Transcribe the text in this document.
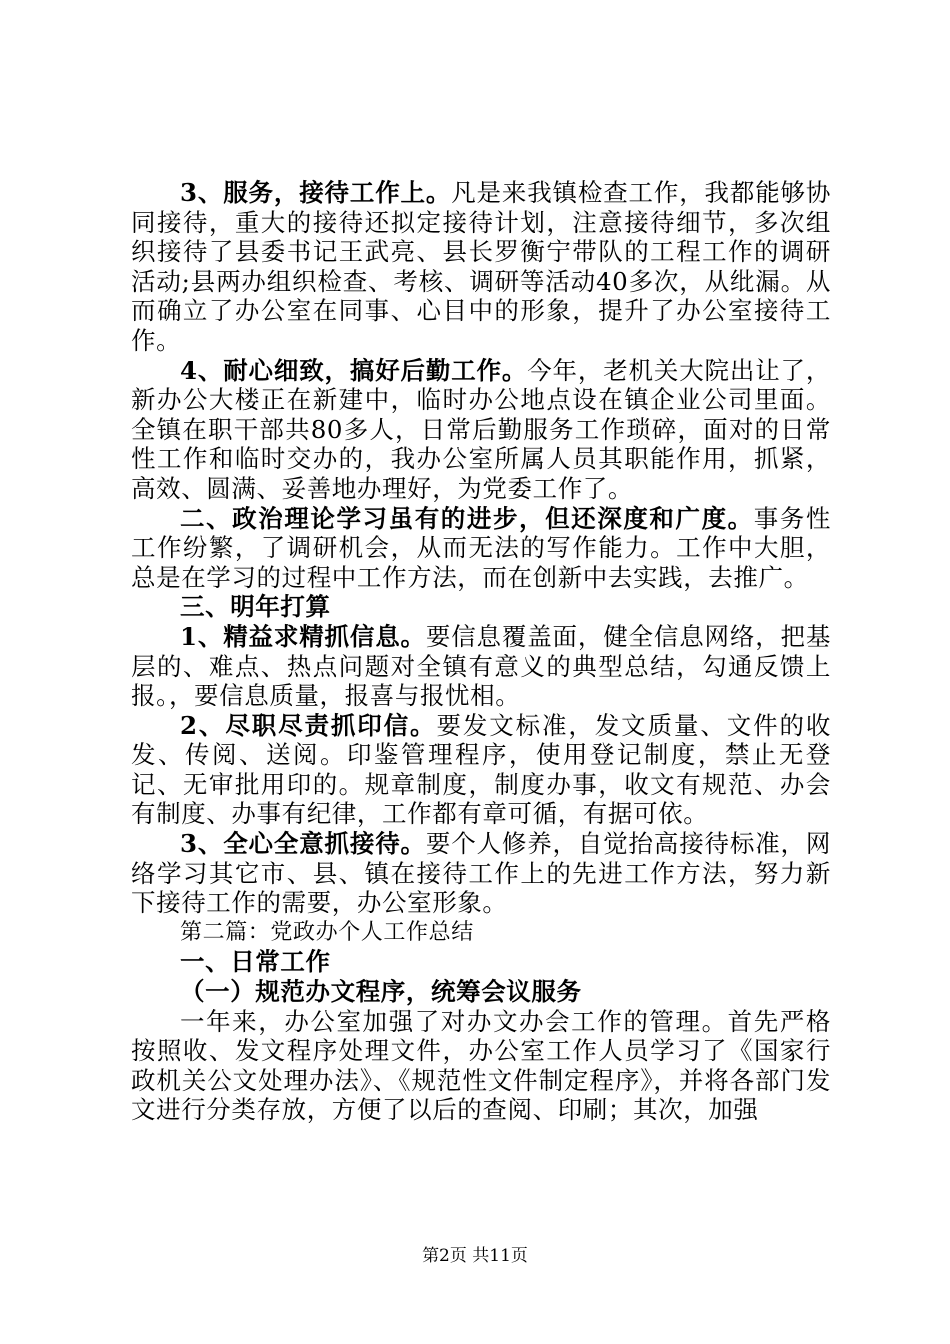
3、服务，接待工作上。凡是来我镇检查工作，我都能够协同接待，重大的接待还拟定接待计划，注意接待细节，多次组织接待了县委书记王武亮、县长罗衡宁带队的工程工作的调研活动;县两办组织检查、考核、调研等活动40多次，从纰漏。从而确立了办公室在同事、心目中的形象，提升了办公室接待工作。

4、耐心细致，搞好后勤工作。今年，老机关大院出让了，新办公大楼正在新建中，临时办公地点设在镇企业公司里面。全镇在职干部共80多人，日常后勤服务工作琐碎，面对的日常性工作和临时交办的，我办公室所属人员其职能作用，抓紧，高效、圆满、妥善地办理好，为党委工作了。

二、政治理论学习虽有的进步，但还深度和广度。事务性工作纷繁，了调研机会，从而无法的写作能力。工作中大胆，总是在学习的过程中工作方法，而在创新中去实践，去推广。

三、明年打算

1、精益求精抓信息。要信息覆盖面，健全信息网络，把基层的、难点、热点问题对全镇有意义的典型总结，勾通反馈上报。，要信息质量，报喜与报忧相。

2、尽职尽责抓印信。要发文标准，发文质量、文件的收发、传阅、送阅。印鉴管理程序，使用登记制度，禁止无登记、无审批用印的。规章制度，制度办事，收文有规范、办会有制度、办事有纪律，工作都有章可循，有据可依。

3、全心全意抓接待。要个人修养，自觉抬高接待标准，网络学习其它市、县、镇在接待工作上的先进工作方法，努力新下接待工作的需要，办公室形象。

第二篇：党政办个人工作总结

一、日常工作

（一）规范办文程序，统筹会议服务

一年来，办公室加强了对办文办会工作的管理。首先严格按照收、发文程序处理文件，办公室工作人员学习了《国家行政机关公文处理办法》、《规范性文件制定程序》，并将各部门发文进行分类存放，方便了以后的查阅、印刷；其次，加强

第2页 共11页
